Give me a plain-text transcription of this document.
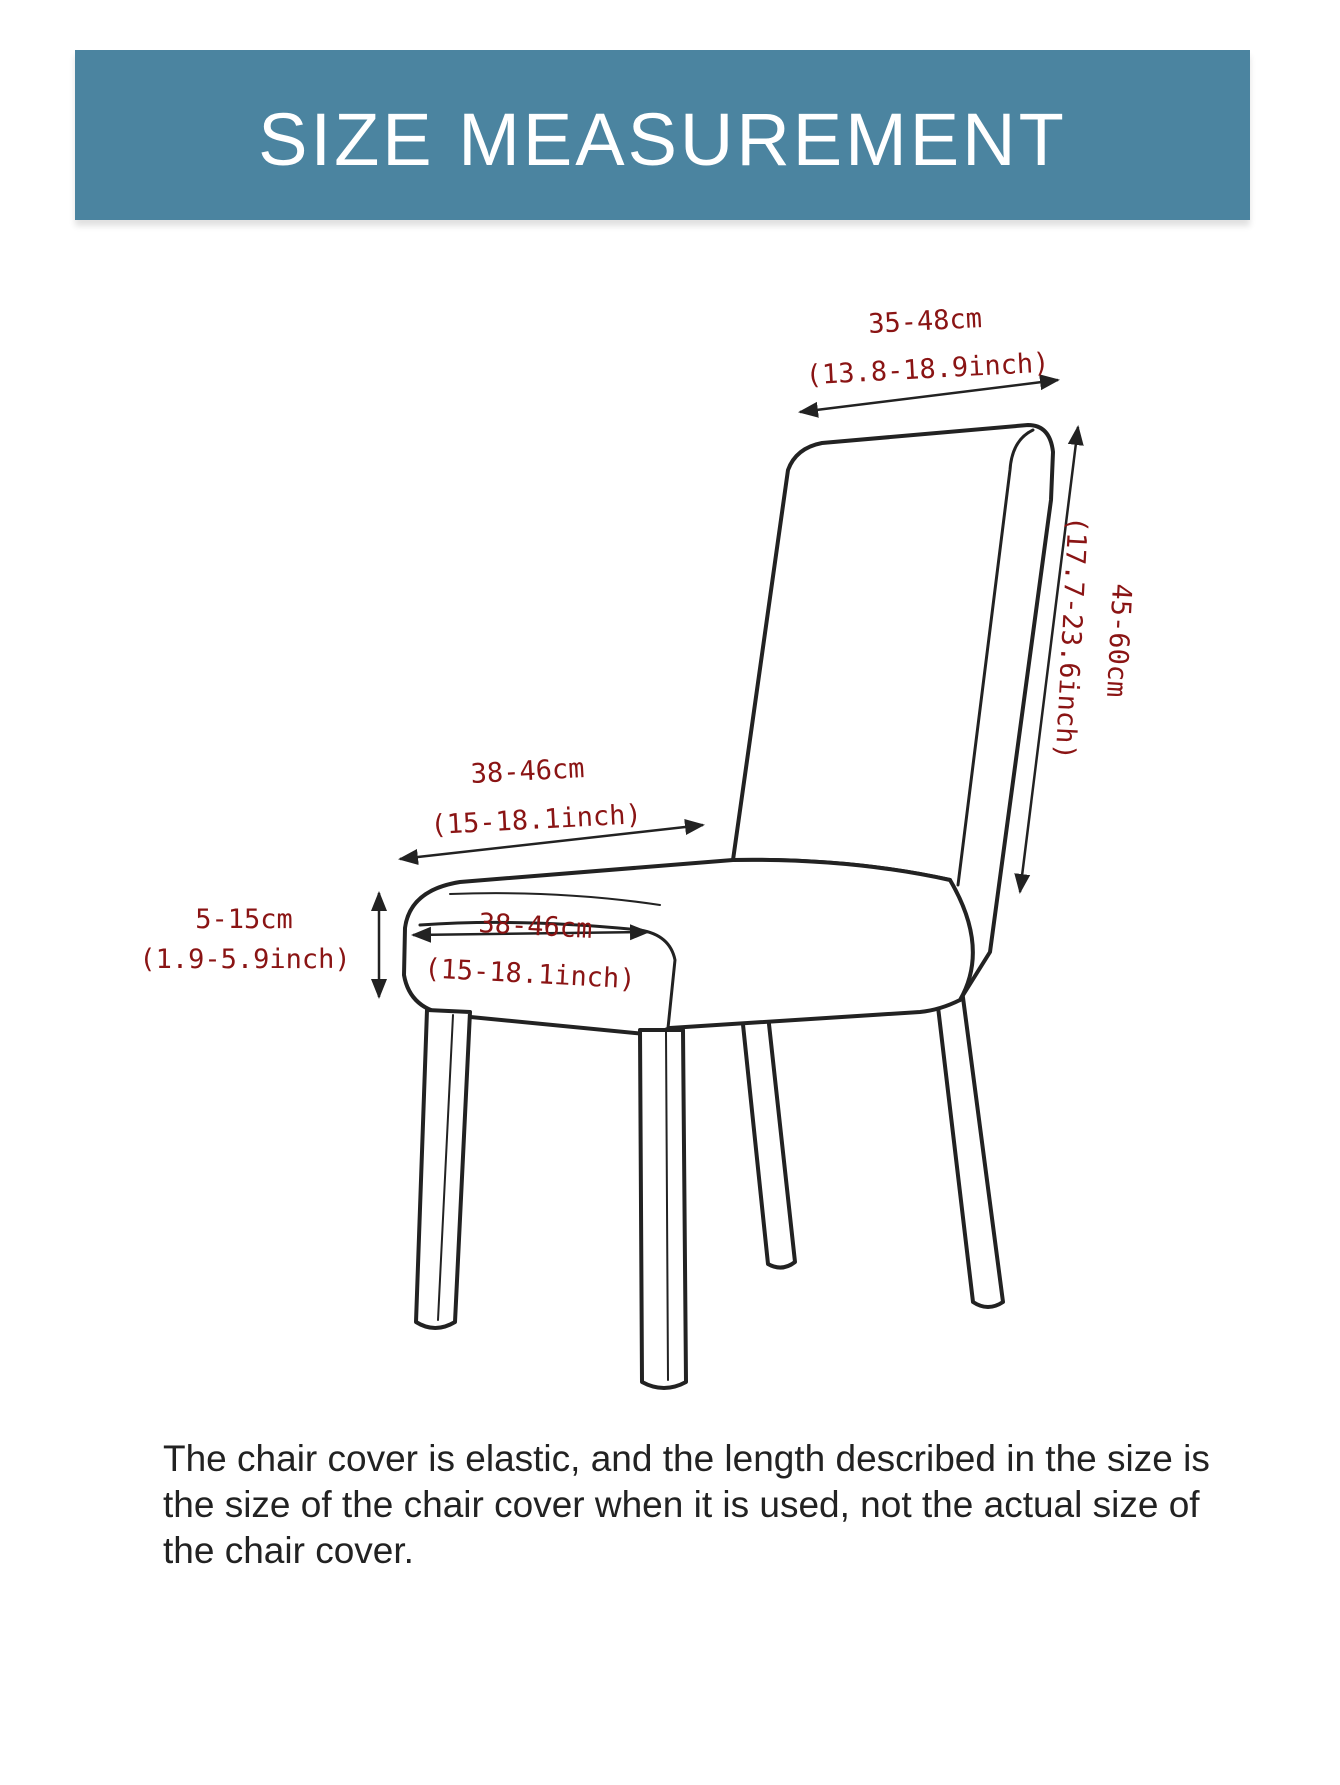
SIZE MEASUREMENT
35-48cm
(13.8-18.9inch)
45-60cm
(17.7-23.6inch)
38-46cm
(15-18.1inch)
38-46cm
(15-18.1inch)
5-15cm
(1.9-5.9inch)

The chair cover is elastic, and the length described in the size is the size of the chair cover when it is used, not the actual size of the chair cover.
